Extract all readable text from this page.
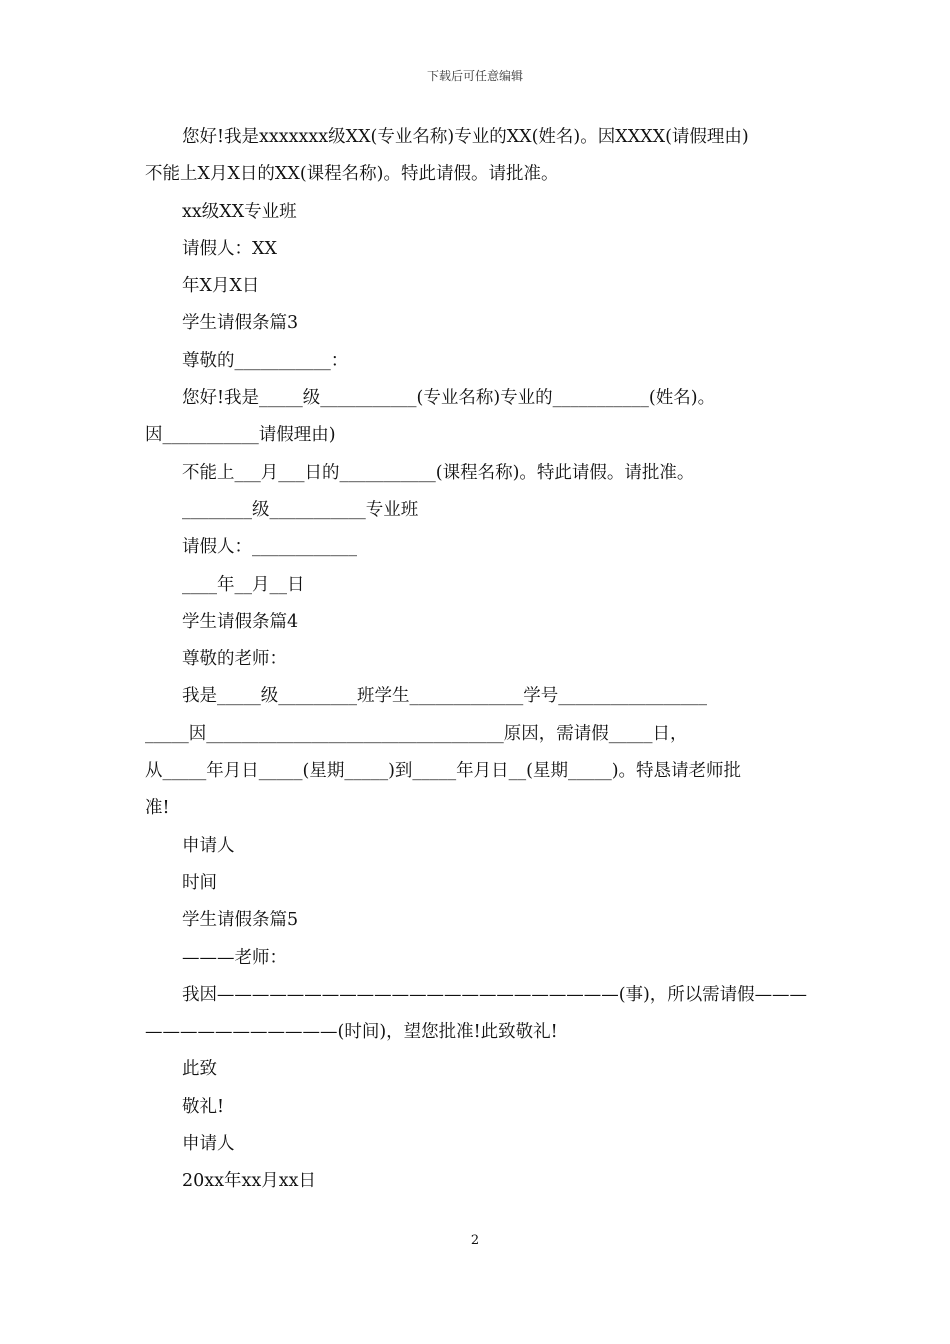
下载后可任意编辑

您好!我是xxxxxxx级XX(专业名称)专业的XX(姓名)。因XXXX(请假理由)

不能上X月X日的XX(课程名称)。特此请假。请批准。

xx级XX专业班

请假人：XX

年X月X日

学生请假条篇3

尊敬的___________：

您好!我是_____级___________(专业名称)专业的___________(姓名)。

因___________请假理由)

不能上___月___日的___________(课程名称)。特此请假。请批准。

________级___________专业班

请假人：____________

____年__月__日

学生请假条篇4

尊敬的老师：

我是_____级_________班学生_____________学号_________________

_____因__________________________________原因，需请假_____日，

从_____年月日_____(星期_____)到_____年月日__(星期_____)。特恳请老师批

准!

申请人

时间

学生请假条篇5

———老师：

我因———————————————————————(事)，所以需请假———

———————————(时间)，望您批准!此致敬礼!

此致

敬礼!

申请人

20xx年xx月xx日

2
